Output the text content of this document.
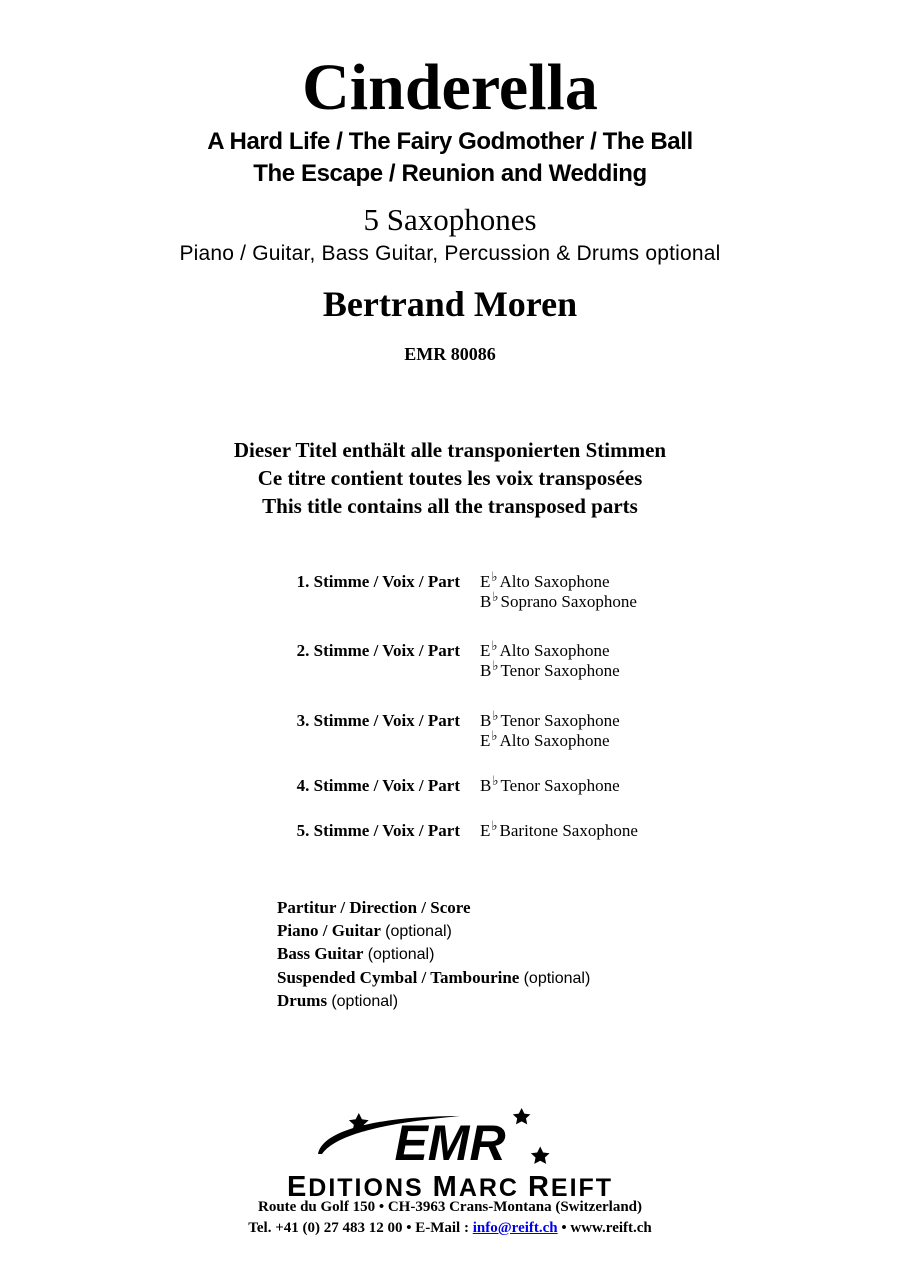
Cinderella
A Hard Life / The Fairy Godmother / The Ball
The Escape / Reunion and Wedding
5 Saxophones
Piano / Guitar, Bass Guitar, Percussion & Drums optional
Bertrand Moren
EMR 80086
Dieser Titel enthält alle transponierten Stimmen
Ce titre contient toutes les voix transposées
This title contains all the transposed parts
1. Stimme / Voix / Part E♭ Alto Saxophone
B♭ Soprano Saxophone
2. Stimme / Voix / Part E♭ Alto Saxophone
B♭ Tenor Saxophone
3. Stimme / Voix / Part B♭ Tenor Saxophone
E♭ Alto Saxophone
4. Stimme / Voix / Part B♭ Tenor Saxophone
5. Stimme / Voix / Part E♭ Baritone Saxophone
Partitur / Direction / Score
Piano / Guitar (optional)
Bass Guitar (optional)
Suspended Cymbal / Tambourine (optional)
Drums (optional)
EMR
EDITIONS MARC REIFT
Route du Golf 150 • CH-3963 Crans-Montana (Switzerland)
Tel. +41 (0) 27 483 12 00 • E-Mail : info@reift.ch • www.reift.ch
